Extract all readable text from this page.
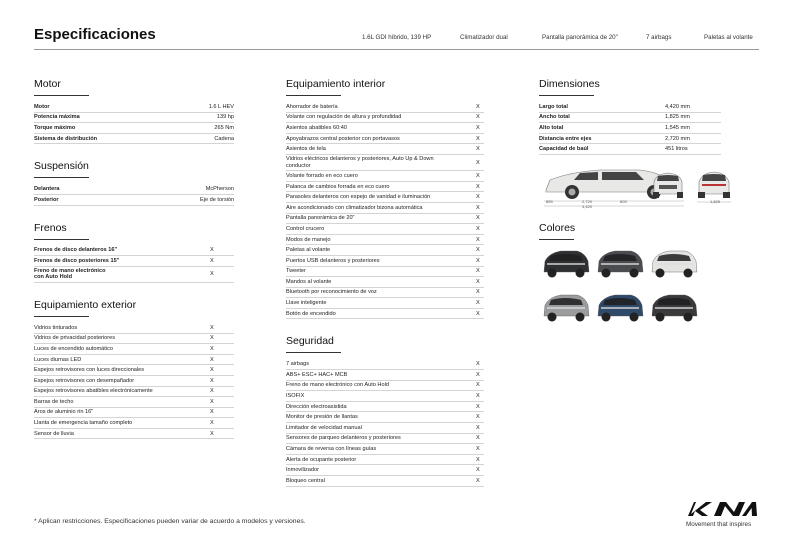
Especificaciones	1.6L GDI híbrido, 139 HP	Climatizador dual	Pantalla panorámica de 20"	7 airbags	Paletas al volante
Motor
Motor	1.6 L HEV
Potencia máxima	139 hp
Torque máximo	265 Nm
Sistema de distribución	Cadena
Suspensión
Delantera	McPherson
Posterior	Eje de torsión
Frenos
Frenos de disco delanteros 16"	X
Frenos de disco posteriores 15"	X
Freno de mano electrónico con Auto Hold	X
Equipamiento exterior
Vidrios tinturados	X
Vidrios de privacidad posteriores	X
Luces de encendido automático	X
Luces diurnas LED	X
Espejos retrovisores con luces direccionales	X
Espejos retrovisores con desempañador	X
Espejos retrovisores abatibles electrónicamente	X
Barras de techo	X
Aros de aluminio rin 16"	X
Llanta de emergencia tamaño completo	X
Sensor de lluvia	X
Equipamiento interior
Ahorrador de batería	X
Volante con regulación de altura y profundidad	X
Asientos abatibles 60:40	X
Apoyabrazos central posterior con portavasos	X
Asientos de tela	X
Vidrios eléctricos delanteros y posteriores, Auto Up & Down conductor	X
Volante forrado en eco cuero	X
Palanca de cambios forrada en eco cuero	X
Parasoles delanteros con espejo de vanidad e iluminación	X
Aire acondicionado con climatizador bizona automática	X
Pantalla panorámica de 20"	X
Control crucero	X
Modos de manejo	X
Paletas al volante	X
Puertos USB delanteros y posteriores	X
Tweeter	X
Mandos al volante	X
Bluetooth por reconocimiento de voz	X
Llave inteligente	X
Botón de encendido	X
Seguridad
7 airbags	X
ABS+ ESC+ HAC+ MCB	X
Freno de mano electrónico con Auto Hold	X
ISOFIX	X
Dirección electroasistida	X
Monitor de presión de llantas	X
Limitador de velocidad manual	X
Sensores de parqueo delanteros y posteriores	X
Cámara de reversa con líneas guías	X
Alerta de ocupante posterior	X
Inmovilizador	X
Bloqueo central	X
Dimensiones
Largo total	4,420 mm
Ancho total	1,825 mm
Alto total	1,545 mm
Distancia entre ejes	2,720 mm
Capacidad de baúl	451 litros
855	2,720	805
4,420
1,825
Colores
* Aplican restricciones. Especificaciones pueden variar de acuerdo a modelos y versiones.	Movement that inspires
